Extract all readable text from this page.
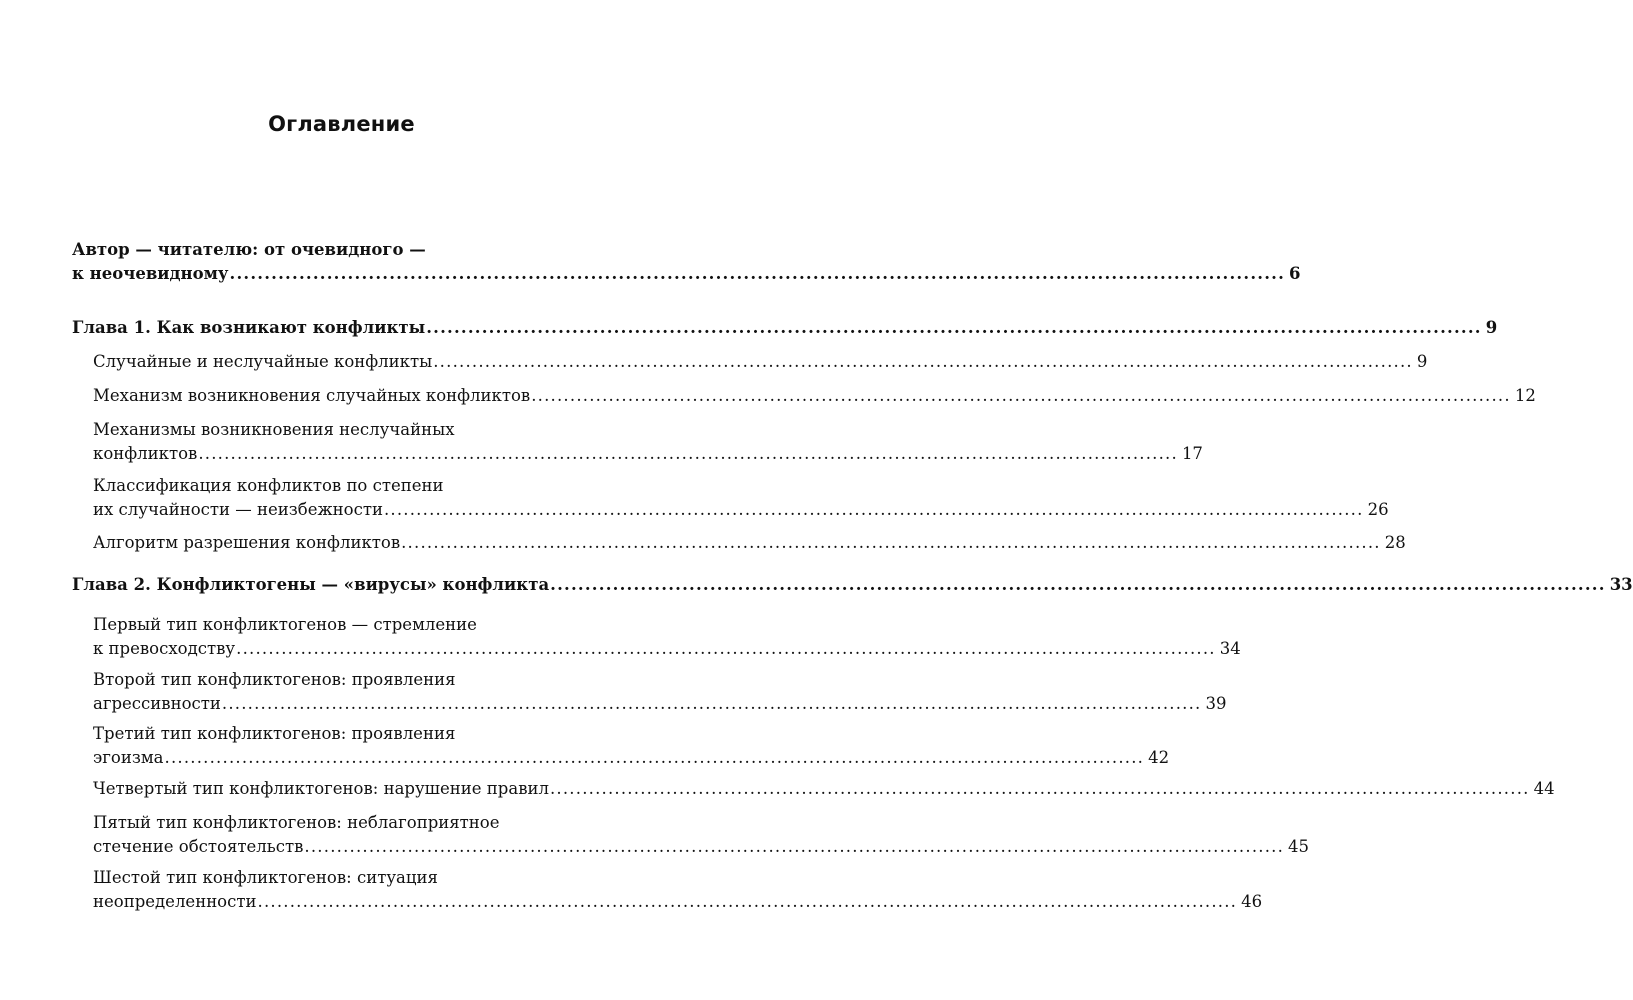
Оглавление
Автор — читателю: от очевидного —
к неочевидному ........................................................................................................................................................ 6
Глава 1. Как возникают конфликты ........................................................................................................................................................ 9
Случайные и неслучайные конфликты ........................................................................................................................................................ 9
Механизм возникновения случайных конфликтов ........................................................................................................................................................ 12
Механизмы возникновения неслучайных
конфликтов ........................................................................................................................................................ 17
Классификация конфликтов по степени
их случайности — неизбежности ........................................................................................................................................................ 26
Алгоритм разрешения конфликтов ........................................................................................................................................................ 28
Глава 2. Конфликтогены — «вирусы» конфликта ........................................................................................................................................................ 33
Первый тип конфликтогенов — стремление
к превосходству ........................................................................................................................................................ 34
Второй тип конфликтогенов: проявления
агрессивности ........................................................................................................................................................ 39
Третий тип конфликтогенов: проявления
эгоизма ........................................................................................................................................................ 42
Четвертый тип конфликтогенов: нарушение правил ........................................................................................................................................................ 44
Пятый тип конфликтогенов: неблагоприятное
стечение обстоятельств ........................................................................................................................................................ 45
Шестой тип конфликтогенов: ситуация
неопределенности ........................................................................................................................................................ 46
